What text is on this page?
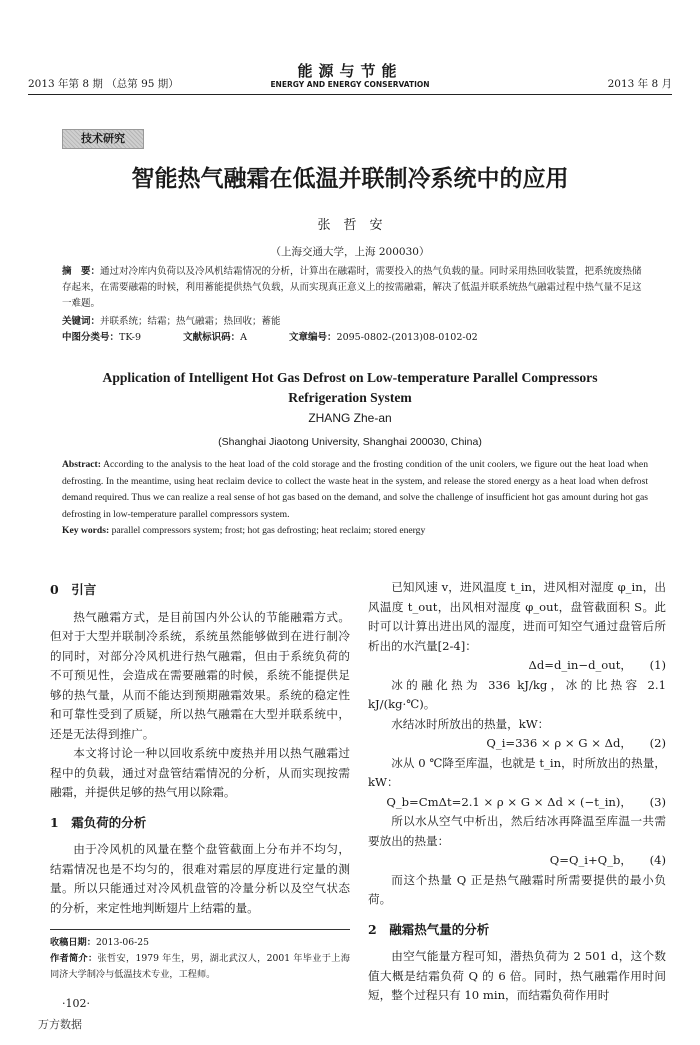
2013 年第 8 期 （总第 95 期）
能源与节能
ENERGY AND ENERGY CONSERVATION	2013 年 8 月
技术研究
智能热气融霜在低温并联制冷系统中的应用
张　哲　安
（上海交通大学，上海 200030）
摘　要：通过对冷库内负荷以及冷风机结霜情况的分析，计算出在融霜时，需要投入的热气负载的量。同时采用热回收装置，把系统废热储存起来，在需要融霜的时候，利用蓄能提供热气负载，从而实现真正意义上的按需融霜，解决了低温并联系统热气融霜过程中热气量不足这一难题。
关键词：并联系统；结霜；热气融霜；热回收；蓄能
中图分类号：TK-9	文献标识码：A	文章编号：2095-0802-(2013)08-0102-02
Application of Intelligent Hot Gas Defrost on Low-temperature Parallel Compressors
Refrigeration System
ZHANG Zhe-an
(Shanghai Jiaotong University, Shanghai 200030, China)
Abstract: According to the analysis to the heat load of the cold storage and the frosting condition of the unit coolers, we figure out the heat load when defrosting. In the meantime, using heat reclaim device to collect the waste heat in the system, and release the stored energy as a heat load when defrost demand required. Thus we can realize a real sense of hot gas based on the demand, and solve the challenge of insufficient hot gas amount during hot gas defrosting in low-temperature parallel compressors system.
Key words: parallel compressors system; frost; hot gas defrosting; heat reclaim; stored energy
0　引言

热气融霜方式，是目前国内外公认的节能融霜方式。但对于大型并联制冷系统，系统虽然能够做到在进行制冷的同时，对部分冷风机进行热气融霜，但由于系统负荷的不可预见性，会造成在需要融霜的时候，系统不能提供足够的热气量，从而不能达到预期融霜效果。系统的稳定性和可靠性受到了质疑，所以热气融霜在大型并联系统中，还是无法得到推广。

本文将讨论一种以回收系统中废热并用以热气融霜过程中的负载，通过对盘管结霜情况的分析，从而实现按需融霜，并提供足够的热气用以除霜。

1　霜负荷的分析

由于冷风机的风量在整个盘管截面上分布并不均匀，结霜情况也是不均匀的，很难对霜层的厚度进行定量的测量。所以只能通过对冷风机盘管的冷量分析以及空气状态的分析，来定性地判断翅片上结霜的量。

收稿日期：2013-06-25
作者简介：张哲安，1979 年生，男，湖北武汉人，2001 年毕业于上海同济大学制冷与低温技术专业，工程师。
·102·
万方数据

已知风速 v，进风温度 t_in，进风相对湿度 φ_in，出风温度 t_out，出风相对湿度 φ_out，盘管截面积 S。此时可以计算出进出风的湿度，进而可知空气通过盘管后所析出的水汽量[2-4]：

Δd=d_in−d_out， (1)

冰的融化热为 336 kJ/kg，冰的比热容 2.1 kJ/(kg·℃)。

水结冰时所放出的热量，kW：

Q_i=336 × ρ × G × Δd， (2)

冰从 0 ℃降至库温，也就是 t_in，时所放出的热量，kW：

Q_b=CmΔt=2.1 × ρ × G × Δd × (−t_in)， (3)

所以水从空气中析出，然后结冰再降温至库温一共需要放出的热量：

Q=Q_i+Q_b， (4)

而这个热量 Q 正是热气融霜时所需要提供的最小负荷。

2　融霜热气量的分析

由空气能量方程可知，潜热负荷为 2 501 d，这个数值大概是结霜负荷 Q 的 6 倍。同时，热气融霜作用时间短，整个过程只有 10 min，而结霜负荷作用时
